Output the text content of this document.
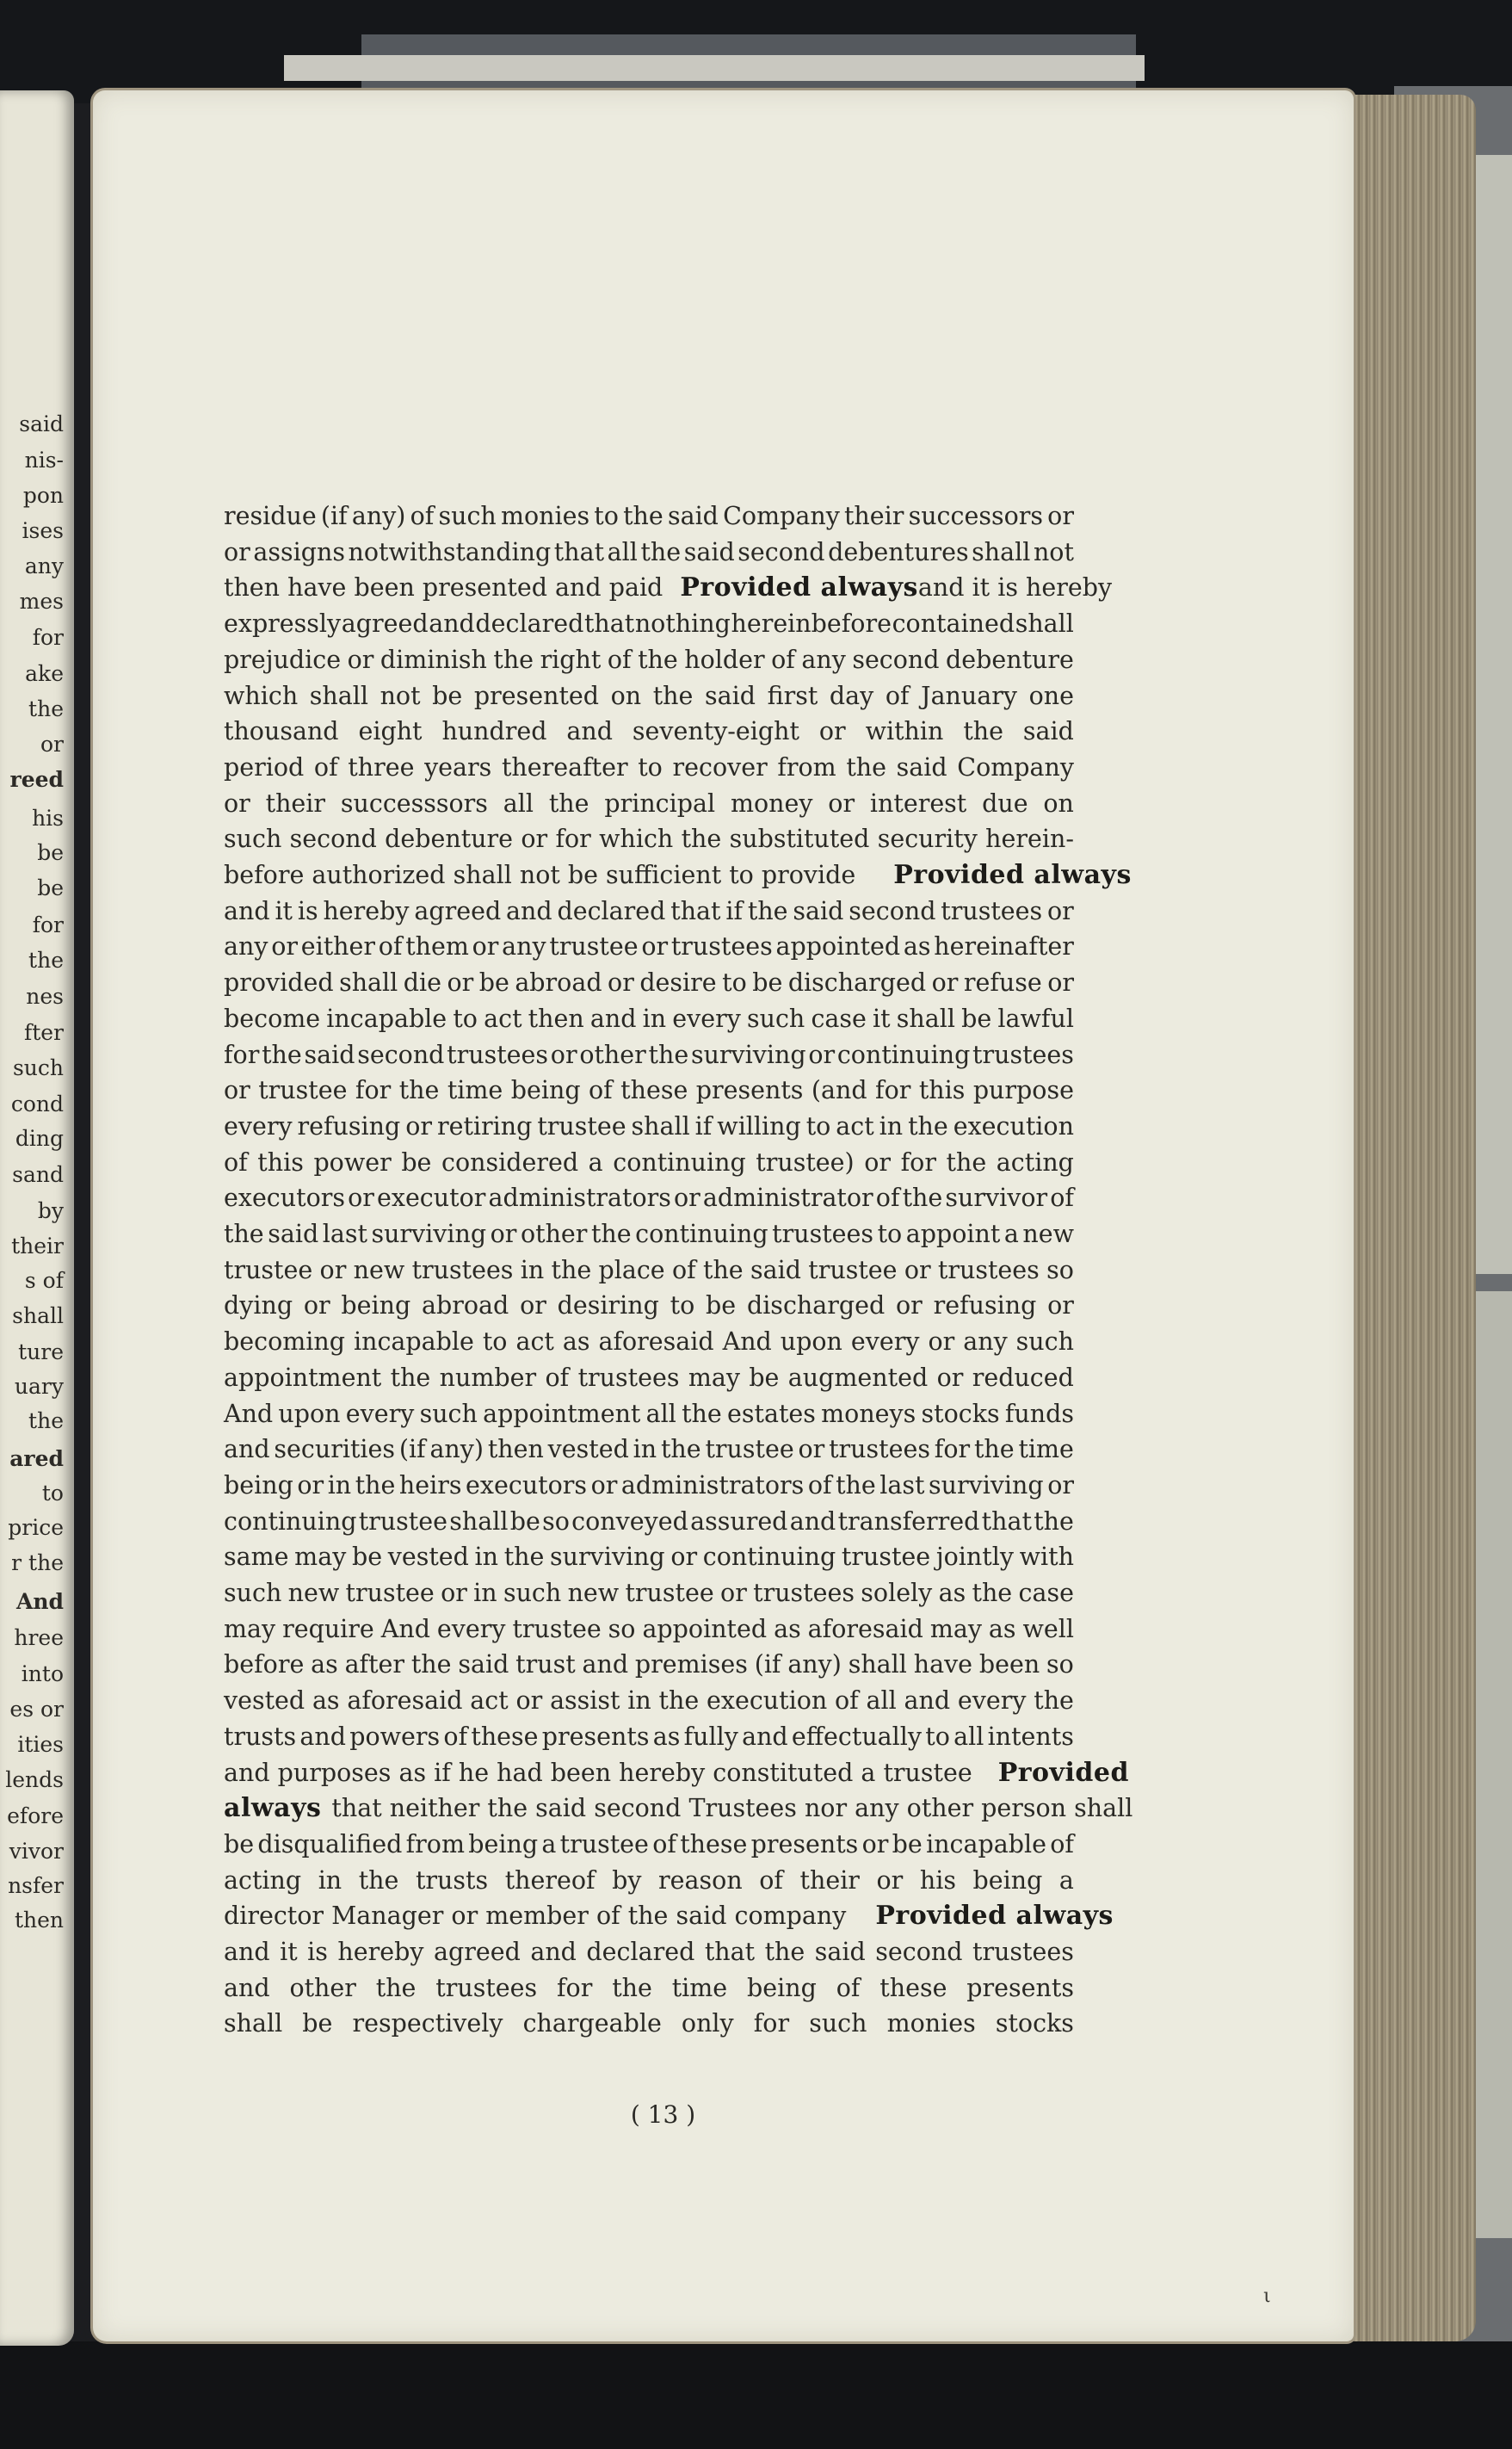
said
nis-
pon
ises
any
mes
for
ake
the
or
reed
his
be
be
for
the
nes
fter
such
cond
ding
sand
by
their
s of
shall
ture
uary
the
ared
to
price
r the
And
hree
into
es or
ities
lends
efore
vivor
nsfer
then
residue (if any) of such monies to the said Company their successors or
or assigns notwithstanding that all the said second debentures shall not
then have been presented and paid Provided always and it is hereby
expressly agreed and declared that nothing hereinbefore contained shall
prejudice or diminish the right of the holder of any second debenture
which shall not be presented on the said first day of January one
thousand eight hundred and seventy-eight or within the said
period of three years thereafter to recover from the said Company
or their successsors all the principal money or interest due on
such second debenture or for which the substituted security herein-
before authorized shall not be sufficient to provide Provided always
and it is hereby agreed and declared that if the said second trustees or
any or either of them or any trustee or trustees appointed as hereinafter
provided shall die or be abroad or desire to be discharged or refuse or
become incapable to act then and in every such case it shall be lawful
for the said second trustees or other the surviving or continuing trustees
or trustee for the time being of these presents (and for this purpose
every refusing or retiring trustee shall if willing to act in the execution
of this power be considered a continuing trustee) or for the acting
executors or executor administrators or administrator of the survivor of
the said last surviving or other the continuing trustees to appoint a new
trustee or new trustees in the place of the said trustee or trustees so
dying or being abroad or desiring to be discharged or refusing or
becoming incapable to act as aforesaid And upon every or any such
appointment the number of trustees may be augmented or reduced
And upon every such appointment all the estates moneys stocks funds
and securities (if any) then vested in the trustee or trustees for the time
being or in the heirs executors or administrators of the last surviving or
continuing trustee shall be so conveyed assured and transferred that the
same may be vested in the surviving or continuing trustee jointly with
such new trustee or in such new trustee or trustees solely as the case
may require And every trustee so appointed as aforesaid may as well
before as after the said trust and premises (if any) shall have been so
vested as aforesaid act or assist in the execution of all and every the
trusts and powers of these presents as fully and effectually to all intents
and purposes as if he had been hereby constituted a trustee Provided
always that neither the said second Trustees nor any other person shall
be disqualified from being a trustee of these presents or be incapable of
acting in the trusts thereof by reason of their or his being a
director Manager or member of the said company Provided always
and it is hereby agreed and declared that the said second trustees
and other the trustees for the time being of these presents
shall be respectively chargeable only for such monies stocks
( 13 )
ι
